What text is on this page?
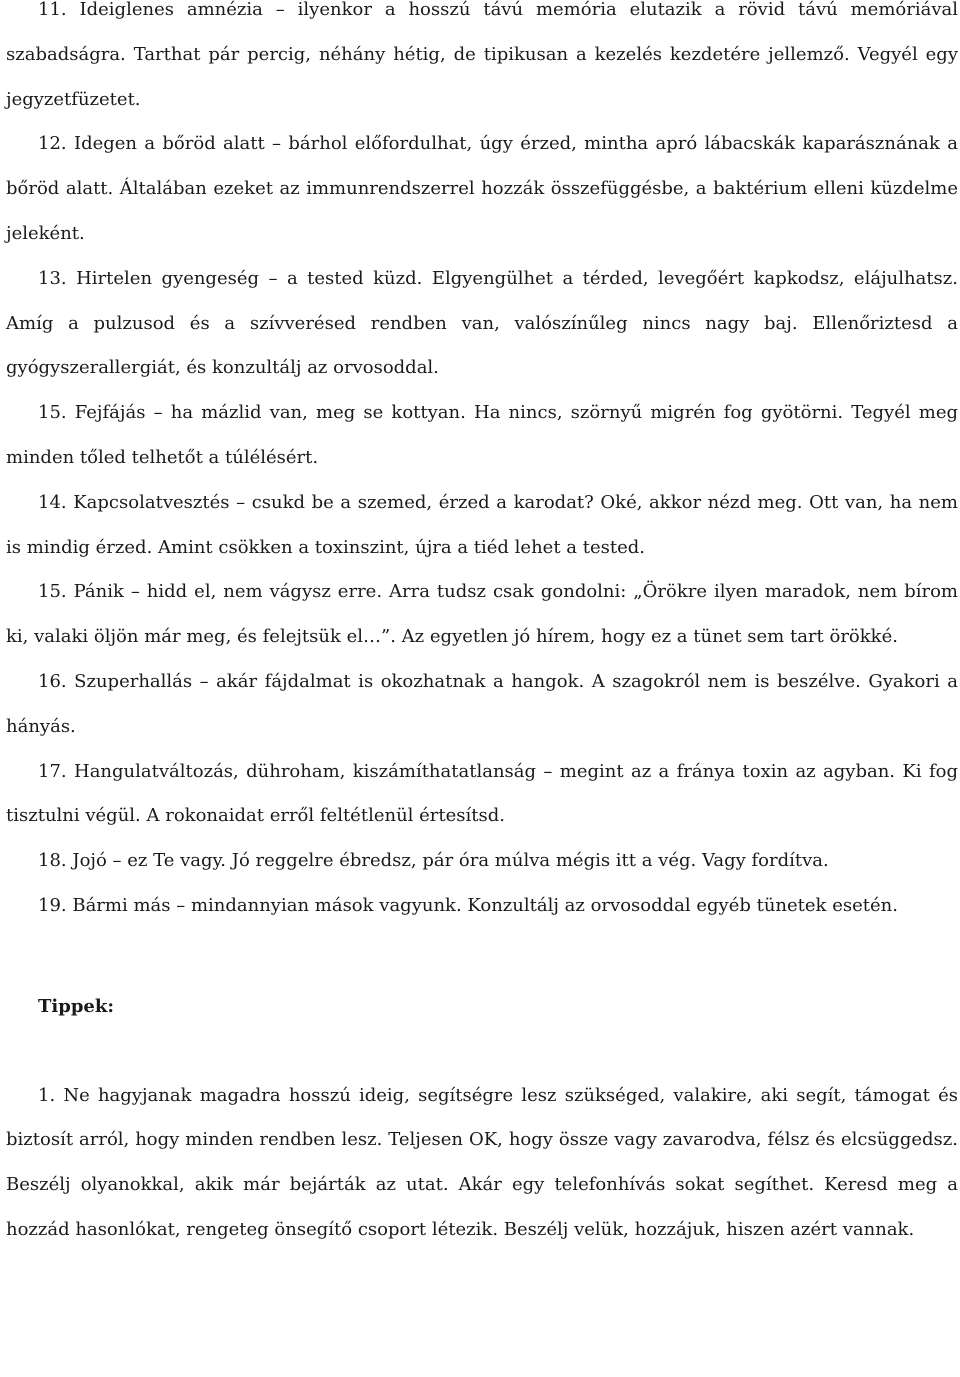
11. Ideiglenes amnézia – ilyenkor a hosszú távú memória elutazik a rövid távú memóriával szabadságra. Tarthat pár percig, néhány hétig, de tipikusan a kezelés kezdetére jellemző. Vegyél egy jegyzetfüzetet.

12. Idegen a bőröd alatt – bárhol előfordulhat, úgy érzed, mintha apró lábacskák kaparásznának a bőröd alatt. Általában ezeket az immunrendszerrel hozzák összefüggésbe, a baktérium elleni küzdelme jeleként.

13. Hirtelen gyengeség – a tested küzd. Elgyengülhet a térded, levegőért kapkodsz, elájulhatsz. Amíg a pulzusod és a szívverésed rendben van, valószínűleg nincs nagy baj. Ellenőriztesd a gyógyszerallergiát, és konzultálj az orvosoddal.

15. Fejfájás – ha mázlid van, meg se kottyan. Ha nincs, szörnyű migrén fog gyötörni. Tegyél meg minden tőled telhetőt a túlélésért.

14. Kapcsolatvesztés – csukd be a szemed, érzed a karodat? Oké, akkor nézd meg. Ott van, ha nem is mindig érzed. Amint csökken a toxinszint, újra a tiéd lehet a tested.

15. Pánik – hidd el, nem vágysz erre. Arra tudsz csak gondolni: „Örökre ilyen maradok, nem bírom ki, valaki öljön már meg, és felejtsük el…”. Az egyetlen jó hírem, hogy ez a tünet sem tart örökké.

16. Szuperhallás – akár fájdalmat is okozhatnak a hangok. A szagokról nem is beszélve. Gyakori a hányás.

17. Hangulatváltozás, dühroham, kiszámíthatatlanság – megint az a fránya toxin az agyban. Ki fog tisztulni végül. A rokonaidat erről feltétlenül értesítsd.

18. Jojó – ez Te vagy. Jó reggelre ébredsz, pár óra múlva mégis itt a vég. Vagy fordítva.

19. Bármi más – mindannyian mások vagyunk. Konzultálj az orvosoddal egyéb tünetek esetén.

Tippek:

1. Ne hagyjanak magadra hosszú ideig, segítségre lesz szükséged, valakire, aki segít, támogat és biztosít arról, hogy minden rendben lesz. Teljesen OK, hogy össze vagy zavarodva, félsz és elcsüggedsz. Beszélj olyanokkal, akik már bejárták az utat. Akár egy telefonhívás sokat segíthet. Keresd meg a hozzád hasonlókat, rengeteg önsegítő csoport létezik. Beszélj velük, hozzájuk, hiszen azért vannak.
